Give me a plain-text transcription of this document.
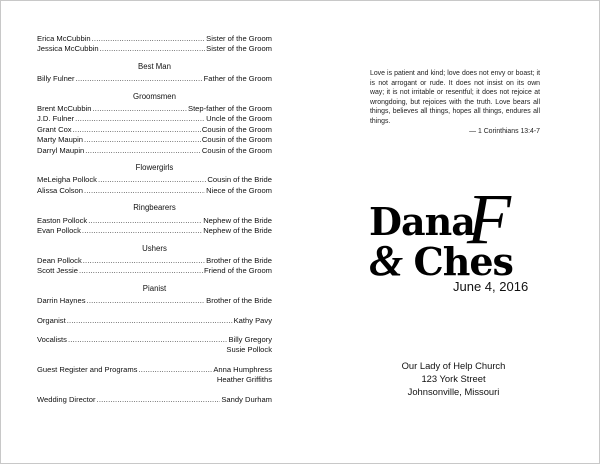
Erica McCubbin .....	Sister of the Groom
Jessica McCubbin .....	Sister of the Groom
Best Man
Billy Fulner .....	Father of the Groom
Groomsmen
Brent McCubbin .....	Step-father of the Groom
J.D. Fulner .....	Uncle of the Groom
Grant Cox .....	Cousin of the Groom
Marty Maupin .....	Cousin of the Groom
Darryl Maupin .....	Cousin of the Groom
Flowergirls
MeLeigha Pollock .....	Cousin of the Bride
Alissa Colson .....	Niece of the Groom
Ringbearers
Easton Pollock .....	Nephew of the Bride
Evan Pollock .....	Nephew of the Bride
Ushers
Dean Pollock .....	Brother of the Bride
Scott Jessie .....	Friend of the Groom
Pianist
Darrin Haynes .....	Brother of the Bride
Organist .....	Kathy Pavy
Vocalists .....	Billy Gregory
Susie Pollock
Guest Register and Programs .....	Anna Humphress
Heather Griffiths
Wedding Director .....	Sandy Durham
Love is patient and kind; love does not envy or boast; it is not arrogant or rude. It does not insist on its own way; it is not irritable or resentful; it does not rejoice at wrongdoing, but rejoices with the truth. Love bears all things, believes all things, hopes all things, endures all things.
— 1 Corinthians 13:4-7
F
Dana
& Ches
June 4, 2016
Our Lady of Help Church
123 York Street
Johnsonville, Missouri
